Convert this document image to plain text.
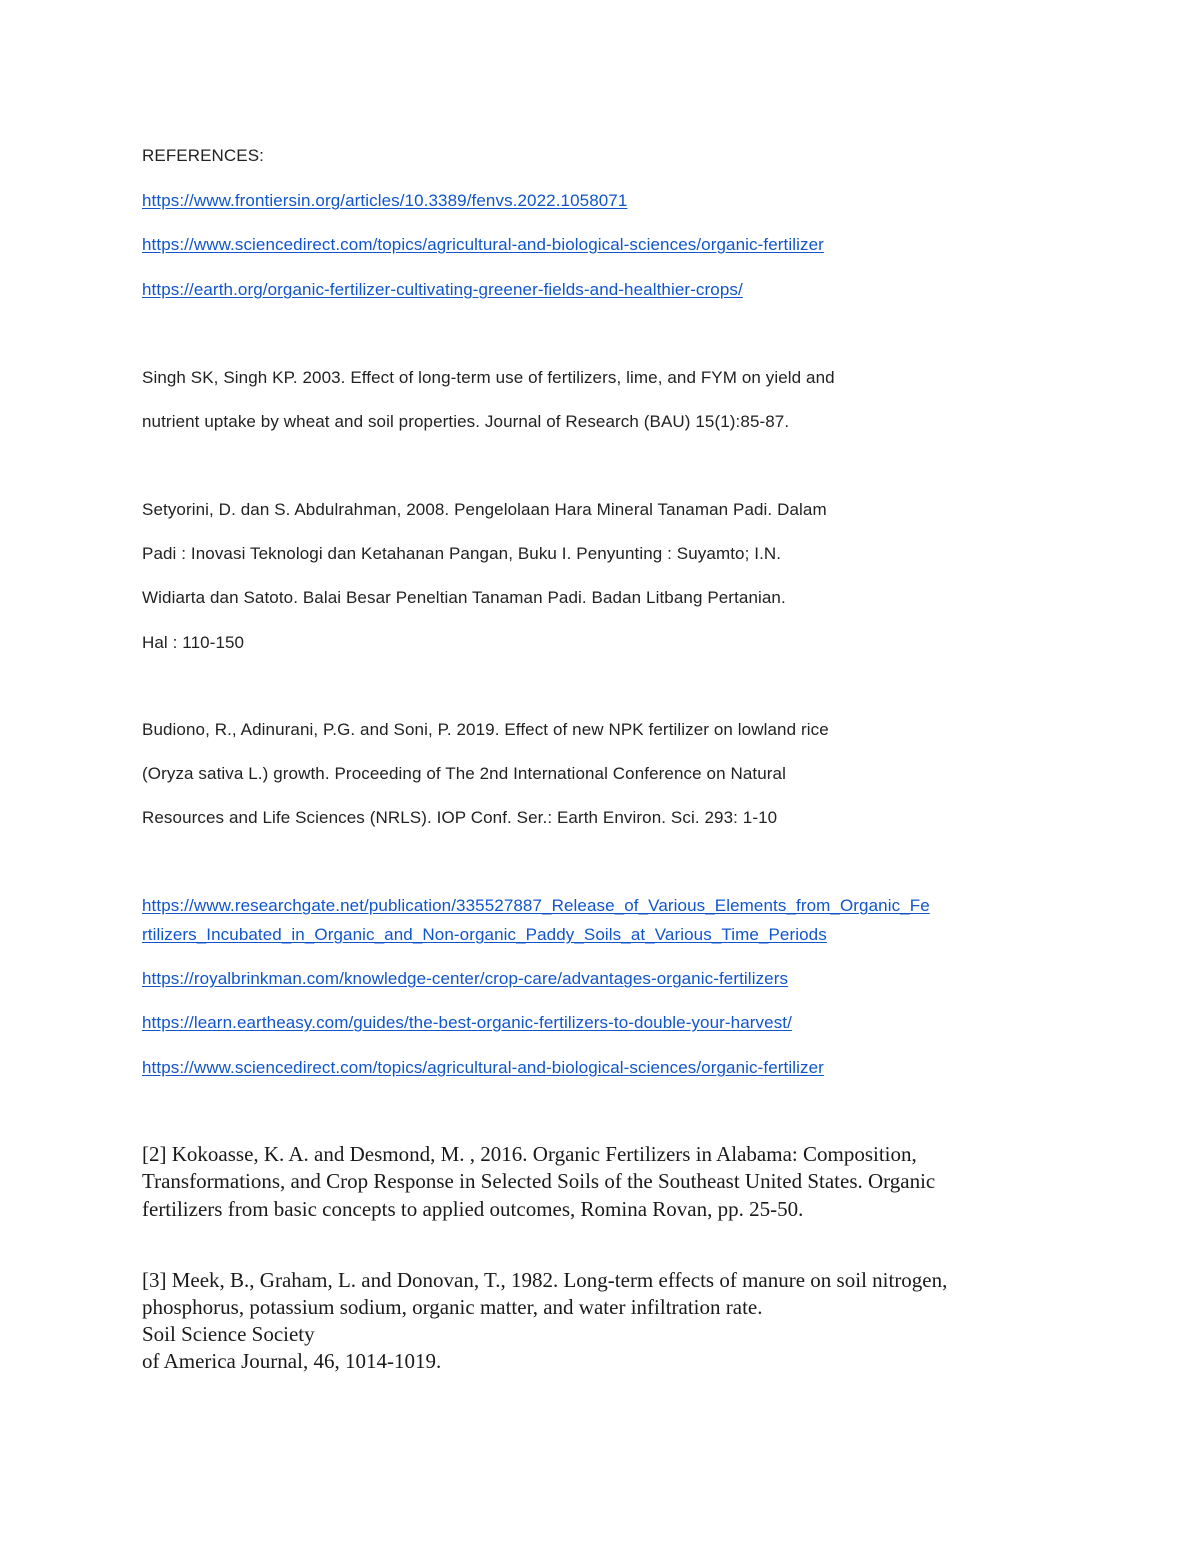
REFERENCES:

https://www.frontiersin.org/articles/10.3389/fenvs.2022.1058071
https://www.sciencedirect.com/topics/agricultural-and-biological-sciences/organic-fertilizer
https://earth.org/organic-fertilizer-cultivating-greener-fields-and-healthier-crops/

Singh SK, Singh KP. 2003. Effect of long-term use of fertilizers, lime, and FYM on yield and

nutrient uptake by wheat and soil properties. Journal of Research (BAU) 15(1):85-87.

Setyorini, D. dan S. Abdulrahman, 2008. Pengelolaan Hara Mineral Tanaman Padi. Dalam

Padi : Inovasi Teknologi dan Ketahanan Pangan, Buku I. Penyunting : Suyamto; I.N.

Widiarta dan Satoto. Balai Besar Peneltian Tanaman Padi. Badan Litbang Pertanian.

Hal : 110-150

Budiono, R., Adinurani, P.G. and Soni, P. 2019. Effect of new NPK fertilizer on lowland rice

(Oryza sativa L.) growth. Proceeding of The 2nd International Conference on Natural

Resources and Life Sciences (NRLS). IOP Conf. Ser.: Earth Environ. Sci. 293: 1-10

https://www.researchgate.net/publication/335527887_Release_of_Various_Elements_from_Organic_Fe
rtilizers_Incubated_in_Organic_and_Non-organic_Paddy_Soils_at_Various_Time_Periods
https://royalbrinkman.com/knowledge-center/crop-care/advantages-organic-fertilizers
https://learn.eartheasy.com/guides/the-best-organic-fertilizers-to-double-your-harvest/
https://www.sciencedirect.com/topics/agricultural-and-biological-sciences/organic-fertilizer

[2] Kokoasse, K. A. and Desmond, M. , 2016. Organic Fertilizers in Alabama: Composition,

Transformations, and Crop Response in Selected Soils of the Southeast United States. Organic

fertilizers from basic concepts to applied outcomes, Romina Rovan, pp. 25-50.

[3] Meek, B., Graham, L. and Donovan, T., 1982. Long-term effects of manure on soil nitrogen,

phosphorus, potassium sodium, organic matter, and water infiltration rate.

Soil Science Society

of America Journal, 46, 1014-1019.
